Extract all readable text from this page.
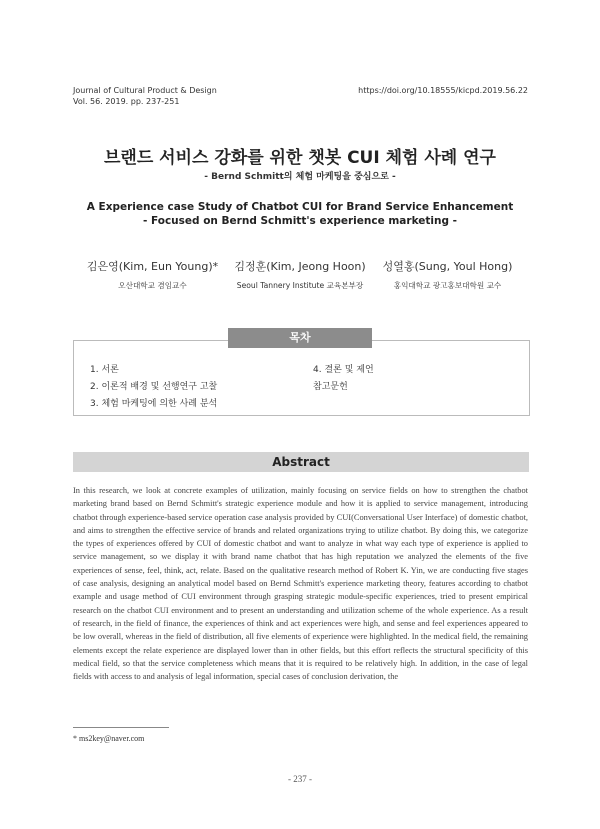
Journal of Cultural Product & Design
Vol. 56. 2019. pp. 237-251
https://doi.org/10.18555/kicpd.2019.56.22
브랜드 서비스 강화를 위한 챗봇 CUI 체험 사례 연구
- Bernd Schmitt의 체험 마케팅을 중심으로 -
A Experience case Study of Chatbot CUI for Brand Service Enhancement
- Focused on Bernd Schmitt's experience marketing -
김은영(Kim, Eun Young)*
오산대학교 겸임교수
김정훈(Kim, Jeong Hoon)
Seoul Tannery Institute 교육본부장
성열홍(Sung, Youl Hong)
홍익대학교 광고홍보대학원 교수
목차
1. 서론
2. 이론적 배경 및 선행연구 고찰
3. 체험 마케팅에 의한 사례 분석
4. 결론 및 제언
참고문헌
Abstract
In this research, we look at concrete examples of utilization, mainly focusing on service fields on how to strengthen the chatbot marketing brand based on Bernd Schmitt's strategic experience module and how it is applied to service management, introducing chatbot through experience-based service operation case analysis provided by CUI(Conversational User Interface) of domestic chatbot, and aims to strengthen the effective service of brands and related organizations trying to utilize chatbot. By doing this, we categorize the types of experiences offered by CUI of domestic chatbot and want to analyze in what way each type of experience is applied to service management, so we display it with brand name chatbot that has high reputation we analyzed the elements of the five experiences of sense, feel, think, act, relate. Based on the qualitative research method of Robert K. Yin, we are conducting five stages of case analysis, designing an analytical model based on Bernd Schmitt's experience marketing theory, features according to chatbot example and usage method of CUI environment through grasping strategic module-specific experiences, tried to present empirical research on the chatbot CUI environment and to present an understanding and utilization scheme of the whole experience. As a result of research, in the field of finance, the experiences of think and act experiences were high, and sense and feel experiences appeared to be low overall, whereas in the field of distribution, all five elements of experience were highlighted. In the medical field, the remaining elements except the relate experience are displayed lower than in other fields, but this effort reflects the structural specificity of this medical field, so that the service completeness which means that it is required to be relatively high. In addition, in the case of legal fields with access to and analysis of legal information, special cases of conclusion derivation, the
* ms2key@naver.com
- 237 -
